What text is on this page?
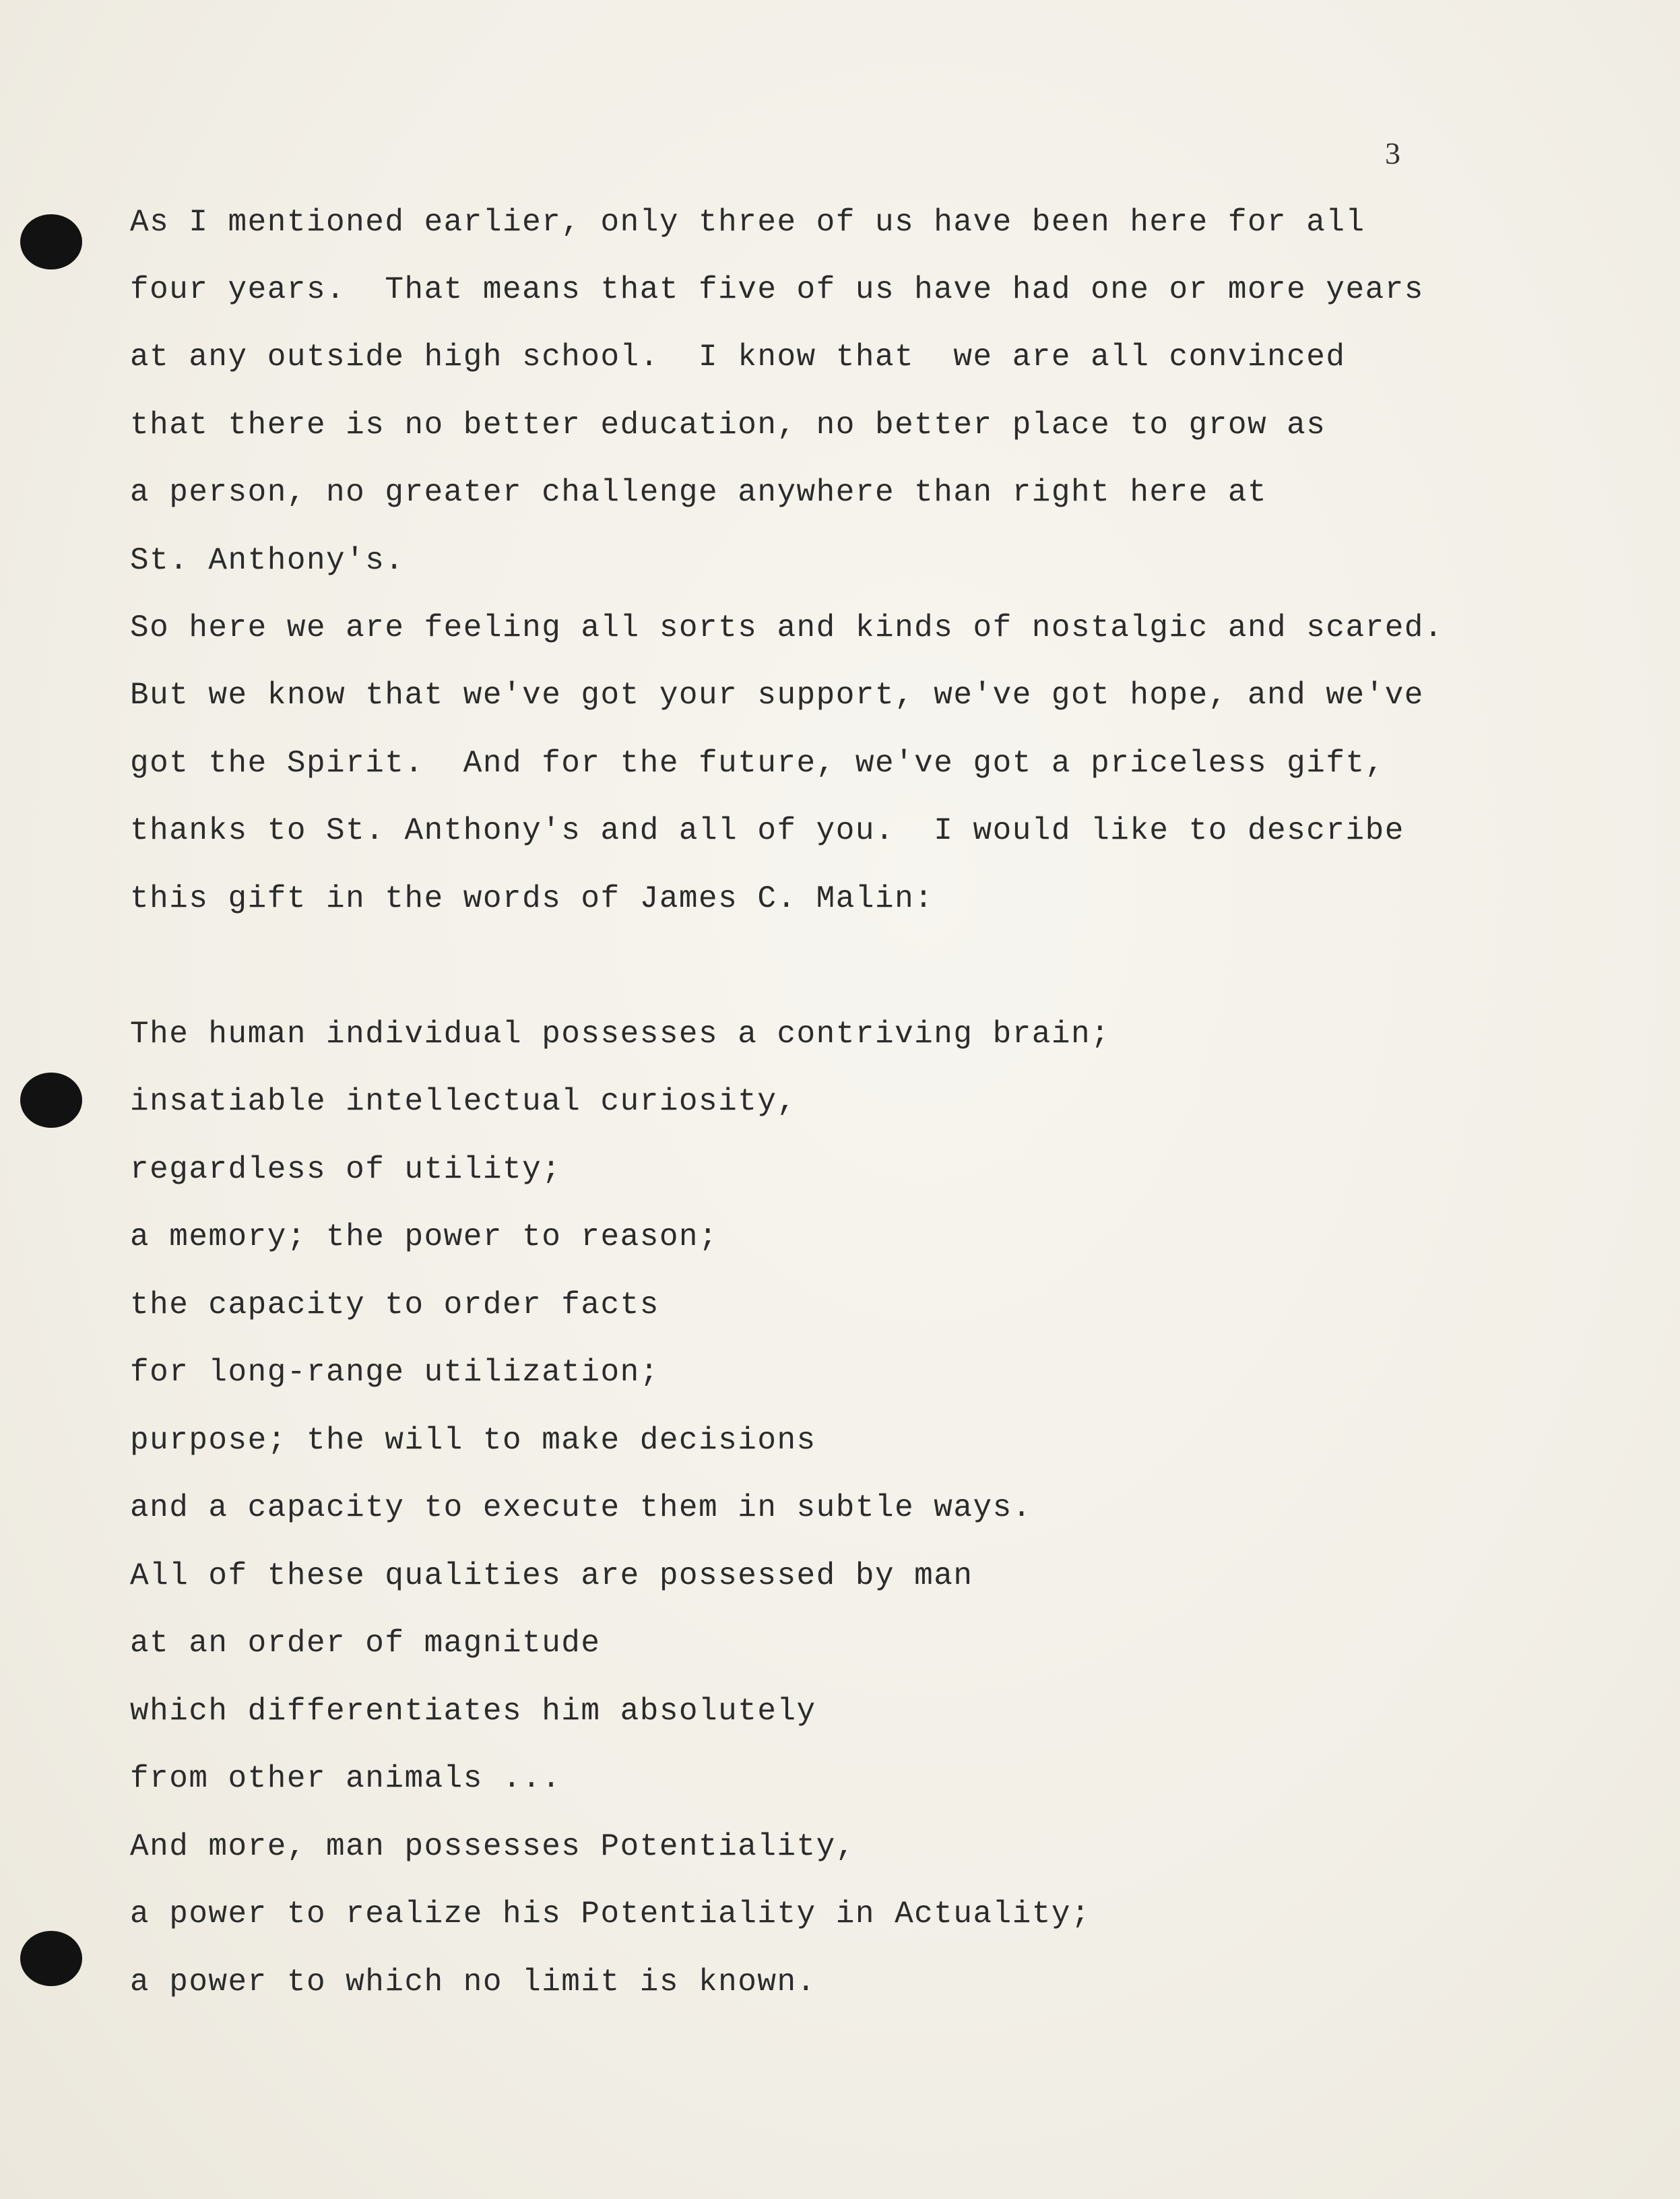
3
As I mentioned earlier, only three of us have been here for all
four years.  That means that five of us have had one or more years
at any outside high school.  I know that  we are all convinced
that there is no better education, no better place to grow as
a person, no greater challenge anywhere than right here at
St. Anthony's.
So here we are feeling all sorts and kinds of nostalgic and scared.
But we know that we've got your support, we've got hope, and we've
got the Spirit.  And for the future, we've got a priceless gift,
thanks to St. Anthony's and all of you.  I would like to describe
this gift in the words of James C. Malin:
The human individual possesses a contriving brain;
insatiable intellectual curiosity,
regardless of utility;
a memory; the power to reason;
the capacity to order facts
for long-range utilization;
purpose; the will to make decisions
and a capacity to execute them in subtle ways.
All of these qualities are possessed by man
at an order of magnitude
which differentiates him absolutely
from other animals ...
And more, man possesses Potentiality,
a power to realize his Potentiality in Actuality;
a power to which no limit is known.
